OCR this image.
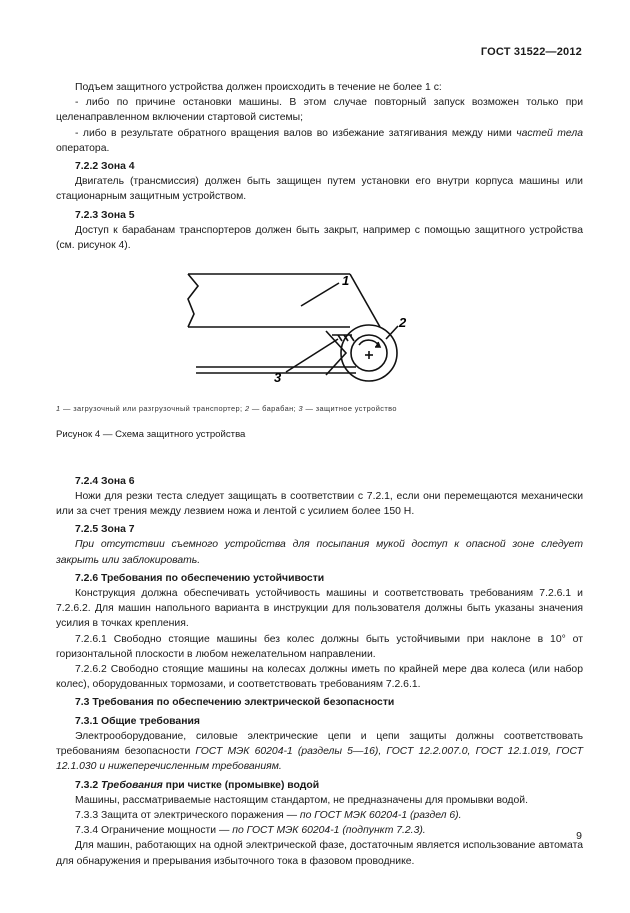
ГОСТ 31522—2012

Подъем защитного устройства должен происходить в течение не более 1 с:

- либо по причине остановки машины. В этом случае повторный запуск возможен только при целенаправленном включении стартовой системы;

- либо в результате обратного вращения валов во избежание затягивания между ними частей тела оператора.

7.2.2 Зона 4

Двигатель (трансмиссия) должен быть защищен путем установки его внутри корпуса машины или стационарным защитным устройством.

7.2.3 Зона 5

Доступ к барабанам транспортеров должен быть закрыт, например с помощью защитного устройства (см. рисунок 4).

1
2
3

1 — загрузочный или разгрузочный транспортер; 2 — барабан; 3 — защитное устройство

Рисунок 4 — Схема защитного устройства

7.2.4 Зона 6

Ножи для резки теста следует защищать в соответствии с 7.2.1, если они перемещаются механически или за счет трения между лезвием ножа и лентой с усилием более 150 Н.

7.2.5 Зона 7

При отсутствии съемного устройства для посыпания мукой доступ к опасной зоне следует закрыть или заблокировать.

7.2.6 Требования по обеспечению устойчивости

Конструкция должна обеспечивать устойчивость машины и соответствовать требованиям 7.2.6.1 и 7.2.6.2. Для машин напольного варианта в инструкции для пользователя должны быть указаны значения усилия в точках крепления.

7.2.6.1 Свободно стоящие машины без колес должны быть устойчивыми при наклоне в 10° от горизонтальной плоскости в любом нежелательном направлении.

7.2.6.2 Свободно стоящие машины на колесах должны иметь по крайней мере два колеса (или набор колес), оборудованных тормозами, и соответствовать требованиям 7.2.6.1.

7.3 Требования по обеспечению электрической безопасности

7.3.1 Общие требования

Электрооборудование, силовые электрические цепи и цепи защиты должны соответствовать требованиям безопасности ГОСТ МЭК 60204-1 (разделы 5—16), ГОСТ 12.2.007.0, ГОСТ 12.1.019, ГОСТ 12.1.030 и нижеперечисленным требованиям.

7.3.2 Требования при чистке (промывке) водой

Машины, рассматриваемые настоящим стандартом, не предназначены для промывки водой.

7.3.3 Защита от электрического поражения — по ГОСТ МЭК 60204-1 (раздел 6).

7.3.4 Ограничение мощности — по ГОСТ МЭК 60204-1 (подпункт 7.2.3).

Для машин, работающих на одной электрической фазе, достаточным является использование автомата для обнаружения и прерывания избыточного тока в фазовом проводнике.

9
